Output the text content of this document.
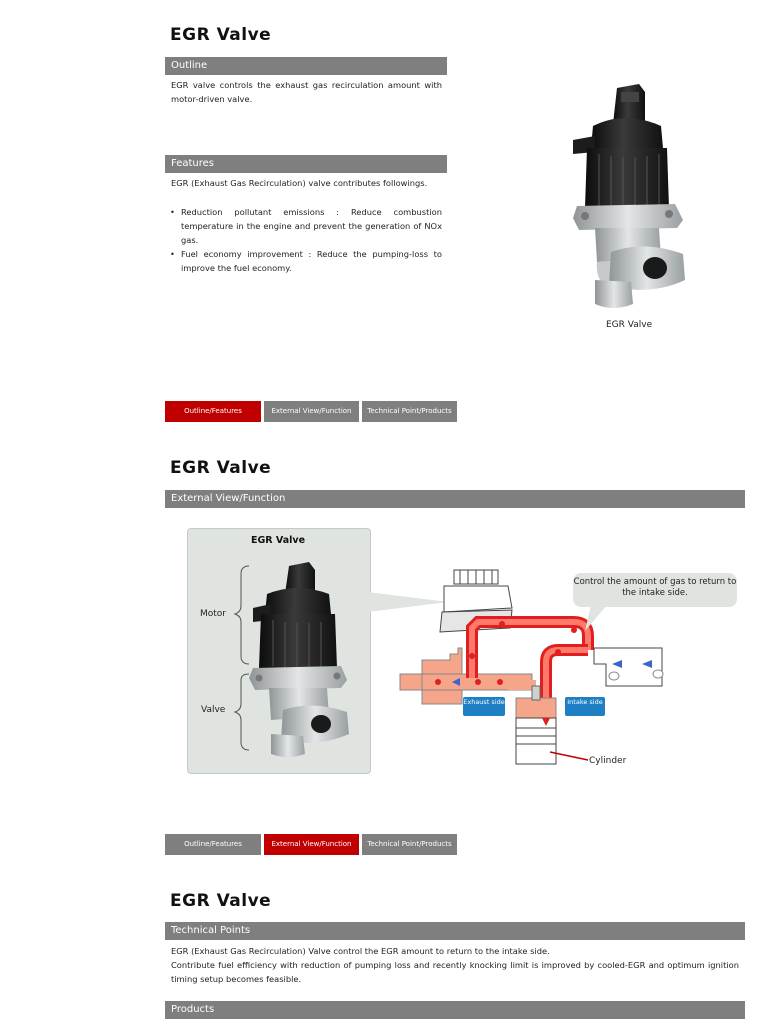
EGR Valve
Outline
EGR valve controls the exhaust gas recirculation amount with motor-driven valve.
Features
EGR (Exhaust Gas Recirculation) valve contributes followings.
• Reduction pollutant emissions : Reduce combustion temperature in the engine and prevent the generation of NOx gas.
• Fuel economy improvement : Reduce the pumping-loss to improve the fuel economy.
EGR Valve
Outline/Features	External View/Function	Technical Point/Products
EGR Valve
External View/Function
EGR Valve
Motor
Valve
Control the amount of gas to return to the intake side.
Exhaust side	Intake side
Cylinder
Outline/Features	External View/Function	Technical Point/Products
EGR Valve
Technical Points
EGR (Exhaust Gas Recirculation) Valve control the EGR amount to return to the intake side.
Contribute fuel efficiency with reduction of pumping loss and recently knocking limit is improved by cooled-EGR and optimum ignition timing setup becomes feasible.
Products
